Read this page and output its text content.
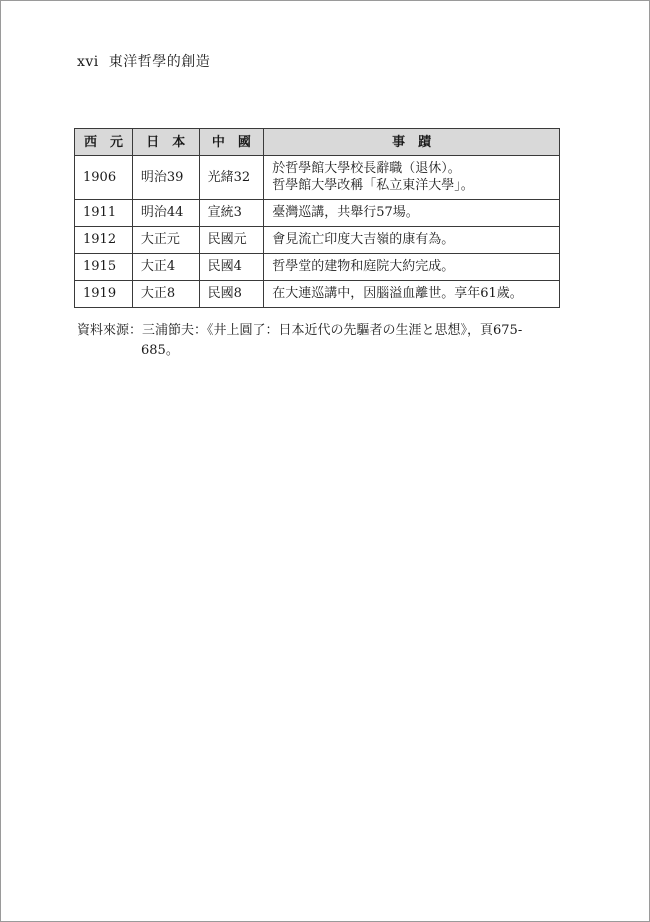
xvi 東洋哲學的創造
西　元	日　本	中　國	事　蹟
1906	明治39	光緒32	於哲學館大學校長辭職（退休）。
哲學館大學改稱「私立東洋大學」。

1911	明治44	宣統3	臺灣巡講，共舉行57場。

1912	大正元	民國元	會見流亡印度大吉嶺的康有為。

1915	大正4	民國4	哲學堂的建物和庭院大約完成。

1919	大正8	民國8	在大連巡講中，因腦溢血離世。享年61歲。
資料來源：三浦節夫：《井上圓了：日本近代の先驅者の生涯と思想》，頁675-
685。
